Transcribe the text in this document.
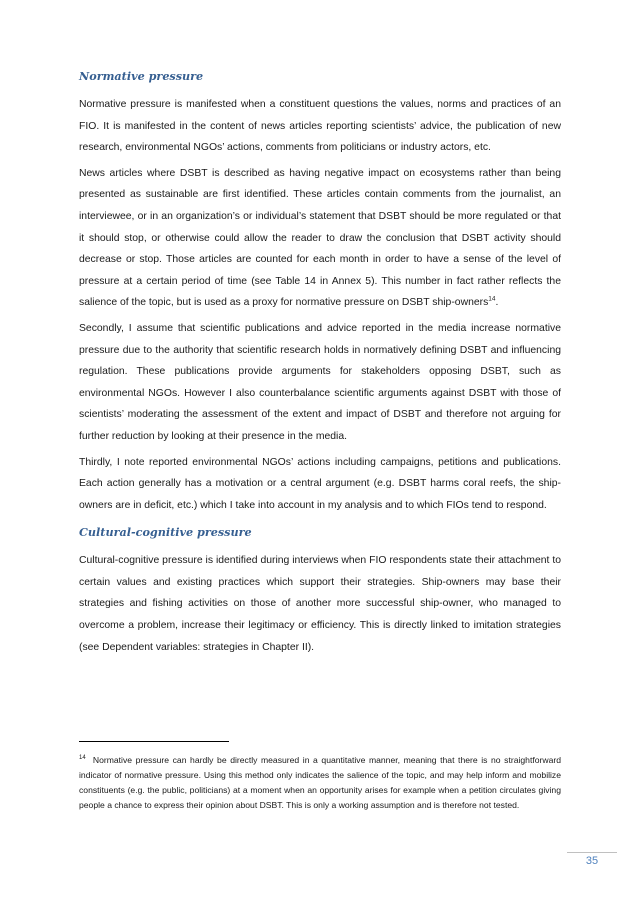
Normative pressure

Normative pressure is manifested when a constituent questions the values, norms and practices of an FIO. It is manifested in the content of news articles reporting scientists’ advice, the publication of new research, environmental NGOs’ actions, comments from politicians or industry actors, etc.

News articles where DSBT is described as having negative impact on ecosystems rather than being presented as sustainable are first identified. These articles contain comments from the journalist, an interviewee, or in an organization’s or individual’s statement that DSBT should be more regulated or that it should stop, or otherwise could allow the reader to draw the conclusion that DSBT activity should decrease or stop. Those articles are counted for each month in order to have a sense of the level of pressure at a certain period of time (see Table 14 in Annex 5). This number in fact rather reflects the salience of the topic, but is used as a proxy for normative pressure on DSBT ship-owners$^{14}$.

Secondly, I assume that scientific publications and advice reported in the media increase normative pressure due to the authority that scientific research holds in normatively defining DSBT and influencing regulation. These publications provide arguments for stakeholders opposing DSBT, such as environmental NGOs. However I also counterbalance scientific arguments against DSBT with those of scientists’ moderating the assessment of the extent and impact of DSBT and therefore not arguing for further reduction by looking at their presence in the media.

Thirdly, I note reported environmental NGOs’ actions including campaigns, petitions and publications. Each action generally has a motivation or a central argument (e.g. DSBT harms coral reefs, the ship-owners are in deficit, etc.) which I take into account in my analysis and to which FIOs tend to respond.

Cultural-cognitive pressure

Cultural-cognitive pressure is identified during interviews when FIO respondents state their attachment to certain values and existing practices which support their strategies. Ship-owners may base their strategies and fishing activities on those of another more successful ship-owner, who managed to overcome a problem, increase their legitimacy or efficiency. This is directly linked to imitation strategies (see Dependent variables: strategies in Chapter II).

$^{14}$ Normative pressure can hardly be directly measured in a quantitative manner, meaning that there is no straightforward indicator of normative pressure. Using this method only indicates the salience of the topic, and may help inform and mobilize constituents (e.g. the public, politicians) at a moment when an opportunity arises for example when a petition circulates giving people a chance to express their opinion about DSBT. This is only a working assumption and is therefore not tested.
35
